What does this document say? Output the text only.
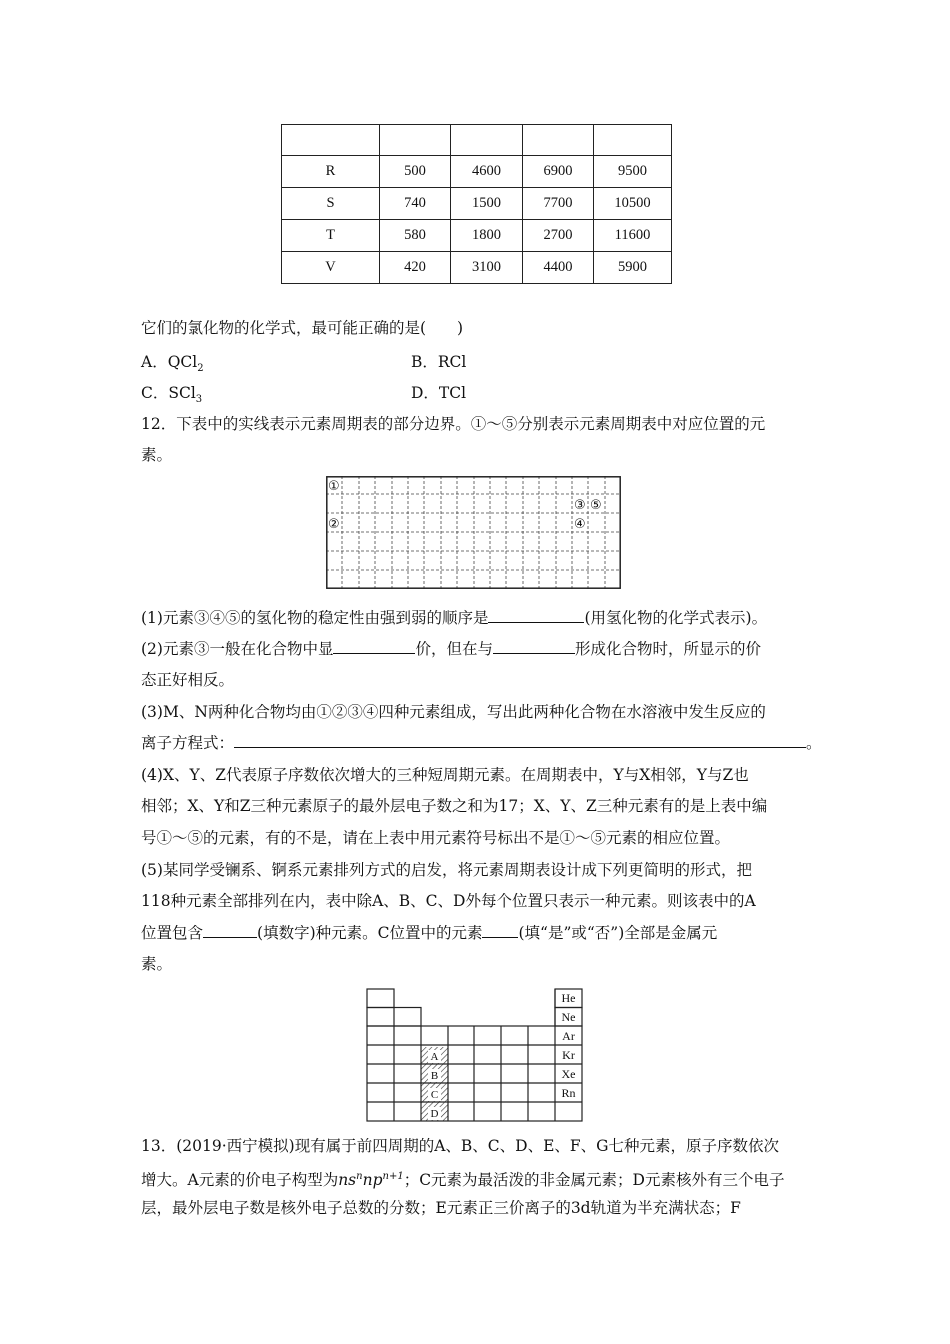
R	500	4600	6900	9500
S	740	1500	7700	10500
T	580	1800	2700	11600
V	420	3100	4400	5900
它们的氯化物的化学式，最可能正确的是(　　)
A．QCl$_2$	B．RCl
C．SCl$_3$	D．TCl
12．下表中的实线表示元素周期表的部分边界。①～⑤分别表示元素周期表中对应位置的元
素。
①
②
③ ⑤
④
(1)元素③④⑤的氢化物的稳定性由强到弱的顺序是	(用氢化物的化学式表示)。
(2)元素③一般在化合物中显	价，但在与	形成化合物时，所显示的价
态正好相反。
(3)M、N两种化合物均由①②③④四种元素组成，写出此两种化合物在水溶液中发生反应的
离子方程式：	。
(4)X、Y、Z代表原子序数依次增大的三种短周期元素。在周期表中，Y与X相邻，Y与Z也
相邻；X、Y和Z三种元素原子的最外层电子数之和为17；X、Y、Z三种元素有的是上表中编
号①～⑤的元素，有的不是，请在上表中用元素符号标出不是①～⑤元素的相应位置。
(5)某同学受镧系、锕系元素排列方式的启发，将元素周期表设计成下列更简明的形式，把
118种元素全部排列在内，表中除A、B、C、D外每个位置只表示一种元素。则该表中的A
位置包含	(填数字)种元素。C位置中的元素 (填“是”或“否”)全部是金属元
素。
He
Ne
Ar
Kr
Xe
Rn
A
B
C
D
13．(2019·西宁模拟)现有属于前四周期的A、B、C、D、E、F、G七种元素，原子序数依次
增大。A元素的价电子构型为$ns^nnp^{n+1}$；C元素为最活泼的非金属元素；D元素核外有三个电子
层，最外层电子数是核外电子总数的分数；E元素正三价离子的3d轨道为半充满状态；F
